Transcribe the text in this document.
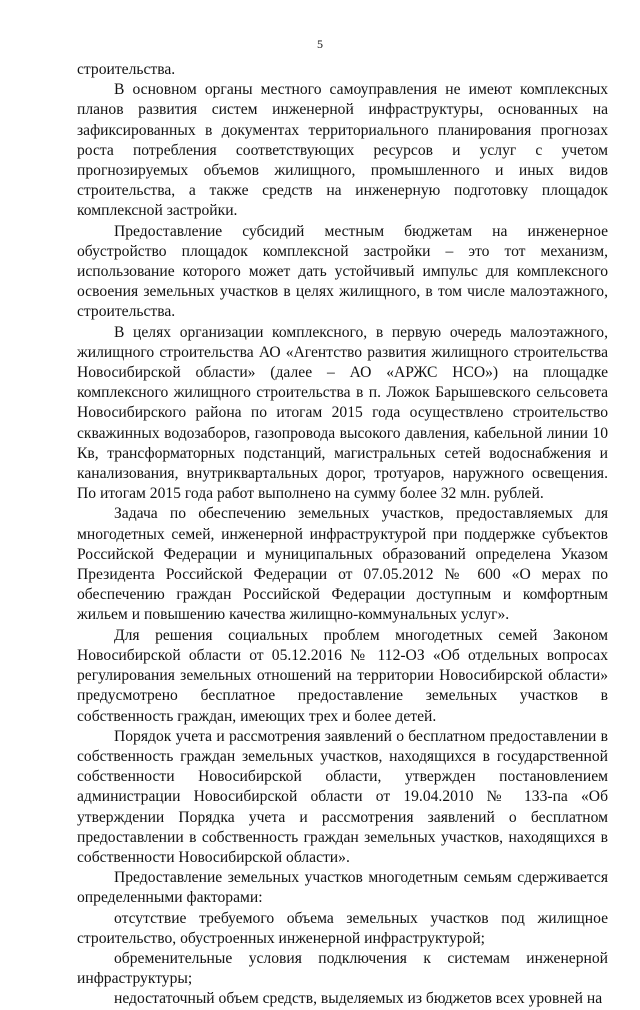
5

строительства.

В основном органы местного самоуправления не имеют комплексных планов развития систем инженерной инфраструктуры, основанных на зафиксированных в документах территориального планирования прогнозах роста потребления соответствующих ресурсов и услуг с учетом прогнозируемых объемов жилищного, промышленного и иных видов строительства, а также средств на инженерную подготовку площадок комплексной застройки.

Предоставление субсидий местным бюджетам на инженерное обустройство площадок комплексной застройки – это тот механизм, использование которого может дать устойчивый импульс для комплексного освоения земельных участков в целях жилищного, в том числе малоэтажного, строительства.

В целях организации комплексного, в первую очередь малоэтажного, жилищного строительства АО «Агентство развития жилищного строительства Новосибирской области» (далее – АО «АРЖС НСО») на площадке комплексного жилищного строительства в п. Ложок Барышевского сельсовета Новосибирского района по итогам 2015 года осуществлено строительство скважинных водозаборов, газопровода высокого давления, кабельной линии 10 Кв, трансформаторных подстанций, магистральных сетей водоснабжения и канализования, внутриквартальных дорог, тротуаров, наружного освещения. По итогам 2015 года работ выполнено на сумму более 32 млн. рублей.

Задача по обеспечению земельных участков, предоставляемых для многодетных семей, инженерной инфраструктурой при поддержке субъектов Российской Федерации и муниципальных образований определена Указом Президента Российской Федерации от 07.05.2012 № 600 «О мерах по обеспечению граждан Российской Федерации доступным и комфортным жильем и повышению качества жилищно-коммунальных услуг».

Для решения социальных проблем многодетных семей Законом Новосибирской области от 05.12.2016 № 112-ОЗ «Об отдельных вопросах регулирования земельных отношений на территории Новосибирской области» предусмотрено бесплатное предоставление земельных участков в собственность граждан, имеющих трех и более детей.

Порядок учета и рассмотрения заявлений о бесплатном предоставлении в собственность граждан земельных участков, находящихся в государственной собственности Новосибирской области, утвержден постановлением администрации Новосибирской области от 19.04.2010 № 133-па «Об утверждении Порядка учета и рассмотрения заявлений о бесплатном предоставлении в собственность граждан земельных участков, находящихся в собственности Новосибирской области».

Предоставление земельных участков многодетным семьям сдерживается определенными факторами:

отсутствие требуемого объема земельных участков под жилищное строительство, обустроенных инженерной инфраструктурой;

обременительные условия подключения к системам инженерной инфраструктуры;

недостаточный объем средств, выделяемых из бюджетов всех уровней на
